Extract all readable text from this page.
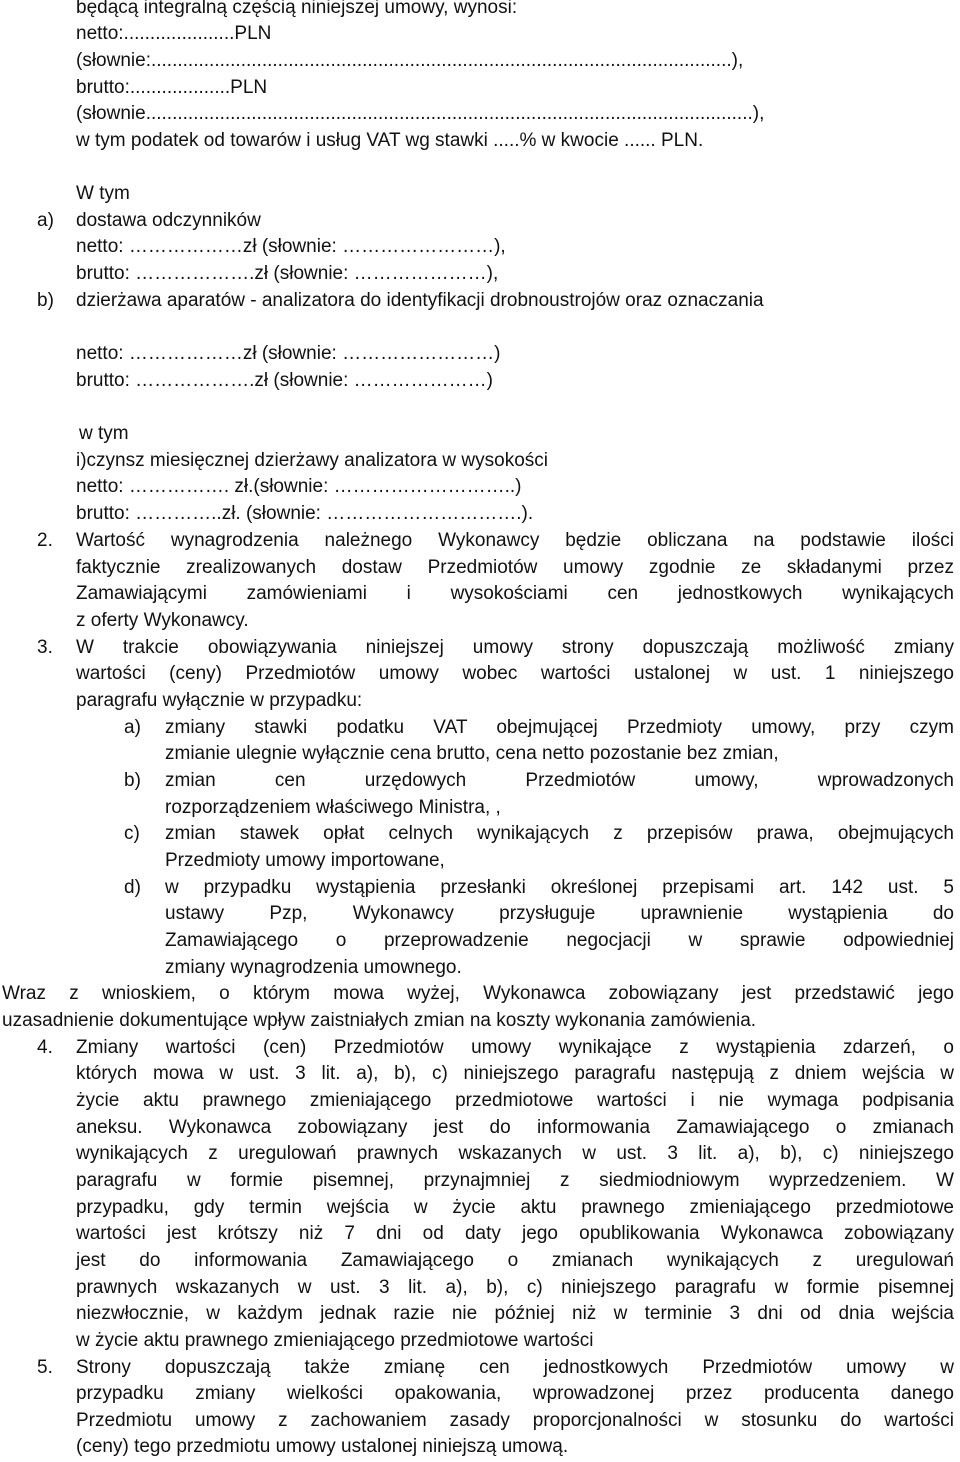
będącą integralną częścią niniejszej umowy, wynosi:
netto:.....................PLN
(słownie:..............................................................................................................),
brutto:...................PLN
(słownie...................................................................................................................),
w tym podatek od towarów i usług VAT wg stawki .....% w kwocie ...... PLN.
W tym
a) dostawa odczynników
netto: ………………zł (słownie: ……………………),
brutto: ……………….zł (słownie: …………………),
b) dzierżawa aparatów - analizatora do identyfikacji drobnoustrojów oraz oznaczania
netto: ………………zł (słownie: ……………………)
brutto: ……………….zł (słownie: …………………)
w tym
i)czynsz miesięcznej dzierżawy analizatora w wysokości
netto: ……………. zł.(słownie: ………………………..)
brutto: …………..zł. (słownie: ………………………….).
2. Wartość wynagrodzenia należnego Wykonawcy będzie obliczana na podstawie ilości
faktycznie zrealizowanych dostaw Przedmiotów umowy zgodnie ze składanymi przez
Zamawiającymi zamówieniami i wysokościami cen jednostkowych wynikających
z oferty Wykonawcy.
3. W trakcie obowiązywania niniejszej umowy strony dopuszczają możliwość zmiany
wartości (ceny) Przedmiotów umowy wobec wartości ustalonej w ust. 1 niniejszego
paragrafu wyłącznie w przypadku:
a) zmiany stawki podatku VAT obejmującej Przedmioty umowy, przy czym
zmianie ulegnie wyłącznie cena brutto, cena netto pozostanie bez zmian,
b) zmian cen urzędowych Przedmiotów umowy, wprowadzonych
rozporządzeniem właściwego Ministra, ,
c) zmian stawek opłat celnych wynikających z przepisów prawa, obejmujących
Przedmioty umowy importowane,
d) w przypadku wystąpienia przesłanki określonej przepisami art. 142 ust. 5
ustawy Pzp, Wykonawcy przysługuje uprawnienie wystąpienia do
Zamawiającego o przeprowadzenie negocjacji w sprawie odpowiedniej
zmiany wynagrodzenia umownego.
Wraz z wnioskiem, o którym mowa wyżej, Wykonawca zobowiązany jest przedstawić jego
uzasadnienie dokumentujące wpływ zaistniałych zmian na koszty wykonania zamówienia.
4. Zmiany wartości (cen) Przedmiotów umowy wynikające z wystąpienia zdarzeń, o
których mowa w ust. 3 lit. a), b), c) niniejszego paragrafu następują z dniem wejścia w
życie aktu prawnego zmieniającego przedmiotowe wartości i nie wymaga podpisania
aneksu. Wykonawca zobowiązany jest do informowania Zamawiającego o zmianach
wynikających z uregulowań prawnych wskazanych w ust. 3 lit. a), b), c) niniejszego
paragrafu w formie pisemnej, przynajmniej z siedmiodniowym wyprzedzeniem. W
przypadku, gdy termin wejścia w życie aktu prawnego zmieniającego przedmiotowe
wartości jest krótszy niż 7 dni od daty jego opublikowania Wykonawca zobowiązany
jest do informowania Zamawiającego o zmianach wynikających z uregulowań
prawnych wskazanych w ust. 3 lit. a), b), c) niniejszego paragrafu w formie pisemnej
niezwłocznie, w każdym jednak razie nie później niż w terminie 3 dni od dnia wejścia
w życie aktu prawnego zmieniającego przedmiotowe wartości
5. Strony dopuszczają także zmianę cen jednostkowych Przedmiotów umowy w
przypadku zmiany wielkości opakowania, wprowadzonej przez producenta danego
Przedmiotu umowy z zachowaniem zasady proporcjonalności w stosunku do wartości
(ceny) tego przedmiotu umowy ustalonej niniejszą umową.
